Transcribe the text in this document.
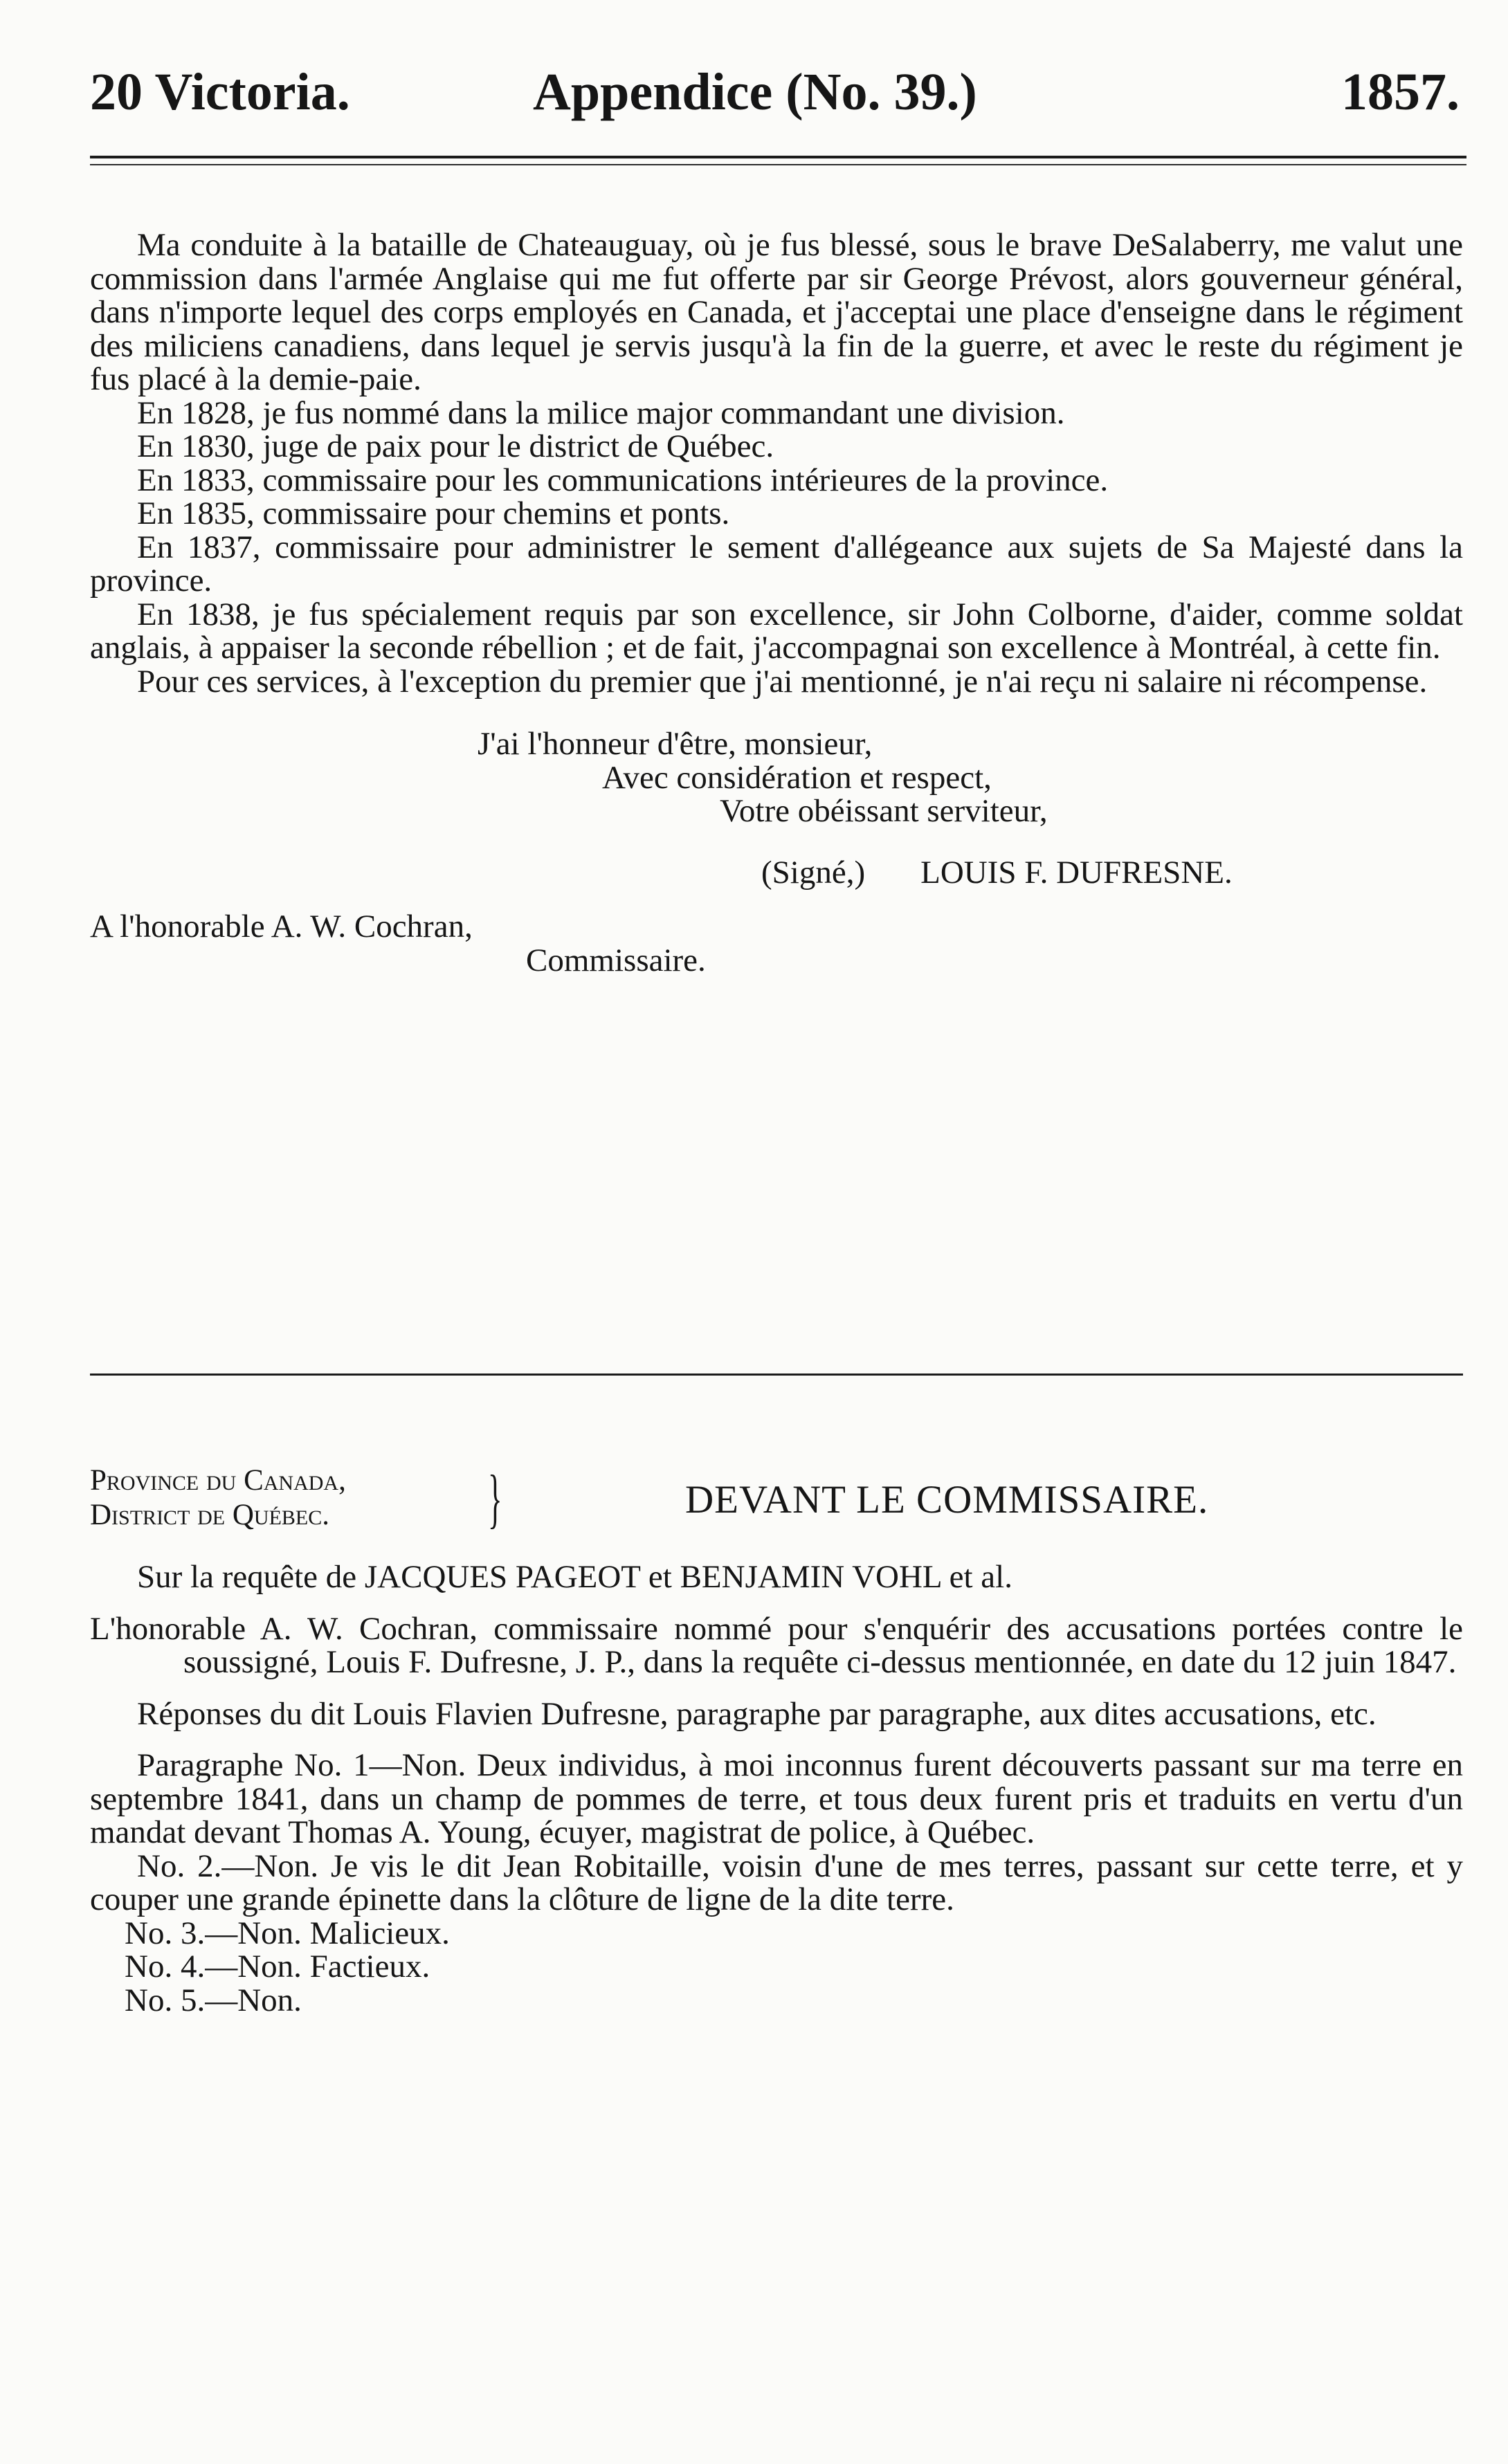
20 Victoria.	Appendice (No. 39.)	1857.

Ma conduite à la bataille de Chateauguay, où je fus blessé, sous le brave DeSalaberry, me valut une commission dans l'armée Anglaise qui me fut offerte par sir George Prévost, alors gouverneur général, dans n'importe lequel des corps employés en Canada, et j'acceptai une place d'enseigne dans le régiment des miliciens canadiens, dans lequel je servis jusqu'à la fin de la guerre, et avec le reste du régiment je fus placé à la demie-paie.

En 1828, je fus nommé dans la milice major commandant une division.

En 1830, juge de paix pour le district de Québec.

En 1833, commissaire pour les communications intérieures de la province.

En 1835, commissaire pour chemins et ponts.

En 1837, commissaire pour administrer le sement d'allégeance aux sujets de Sa Majesté dans la province.

En 1838, je fus spécialement requis par son excellence, sir John Colborne, d'aider, comme soldat anglais, à appaiser la seconde rébellion ; et de fait, j'accompagnai son excellence à Montréal, à cette fin.

Pour ces services, à l'exception du premier que j'ai mentionné, je n'ai reçu ni salaire ni récompense.

J'ai l'honneur d'être, monsieur,

Avec considération et respect,

Votre obéissant serviteur,

(Signé,) LOUIS F. DUFRESNE.

A l'honorable A. W. Cochran,

Commissaire.

Province du Canada,
District de Québec. }	DEVANT LE COMMISSAIRE.

Sur la requête de JACQUES PAGEOT et BENJAMIN VOHL et al.

L'honorable A. W. Cochran, commissaire nommé pour s'enquérir des accusations portées contre le soussigné, Louis F. Dufresne, J. P., dans la requête ci-dessus mentionnée, en date du 12 juin 1847.

Réponses du dit Louis Flavien Dufresne, paragraphe par paragraphe, aux dites accusations, etc.

Paragraphe No. 1—Non. Deux individus, à moi inconnus furent découverts passant sur ma terre en septembre 1841, dans un champ de pommes de terre, et tous deux furent pris et traduits en vertu d'un mandat devant Thomas A. Young, écuyer, magistrat de police, à Québec.

No. 2.—Non. Je vis le dit Jean Robitaille, voisin d'une de mes terres, passant sur cette terre, et y couper une grande épinette dans la clôture de ligne de la dite terre.

No. 3.—Non. Malicieux.

No. 4.—Non. Factieux.

No. 5.—Non.
